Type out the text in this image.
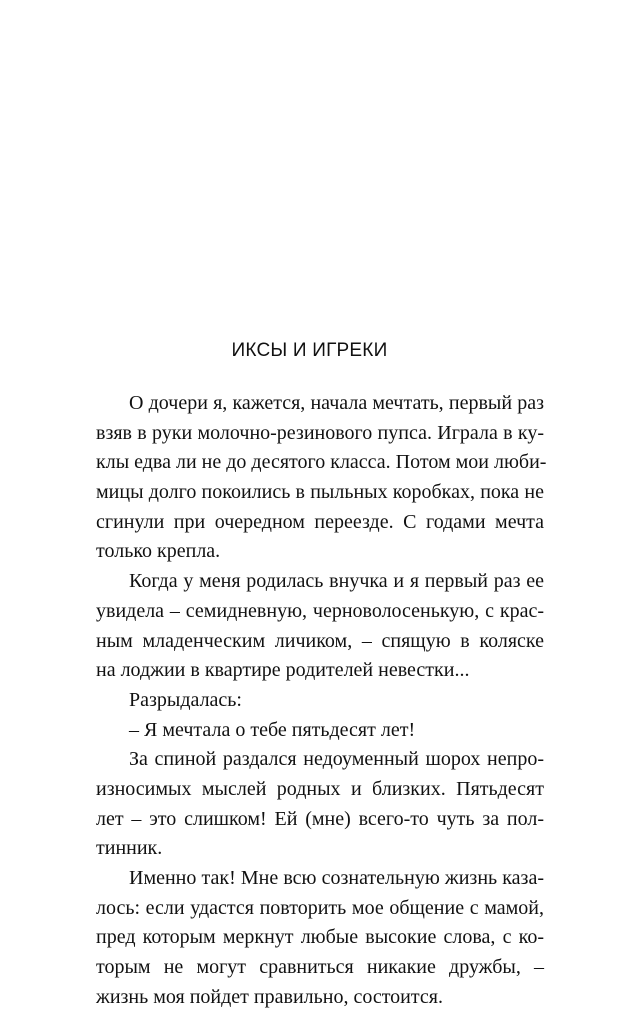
ИКСЫ И ИГРЕКИ
О дочери я, кажется, начала мечтать, первый раз
взяв в руки молочно-резинового пупса. Играла в ку-
клы едва ли не до десятого класса. Потом мои люби-
мицы долго покоились в пыльных коробках, пока не
сгинули при очередном переезде. С годами мечта
только крепла.
Когда у меня родилась внучка и я первый раз ее
увидела – семидневную, черноволосенькую, с крас-
ным младенческим личиком, – спящую в коляске
на лоджии в квартире родителей невестки...
Разрыдалась:
– Я мечтала о тебе пятьдесят лет!
За спиной раздался недоуменный шорох непро-
износимых мыслей родных и близких. Пятьдесят
лет – это слишком! Ей (мне) всего-то чуть за пол-
тинник.
Именно так! Мне всю сознательную жизнь каза-
лось: если удастся повторить мое общение с мамой,
пред которым меркнут любые высокие слова, с ко-
торым не могут сравниться никакие дружбы, –
жизнь моя пойдет правильно, состоится.
